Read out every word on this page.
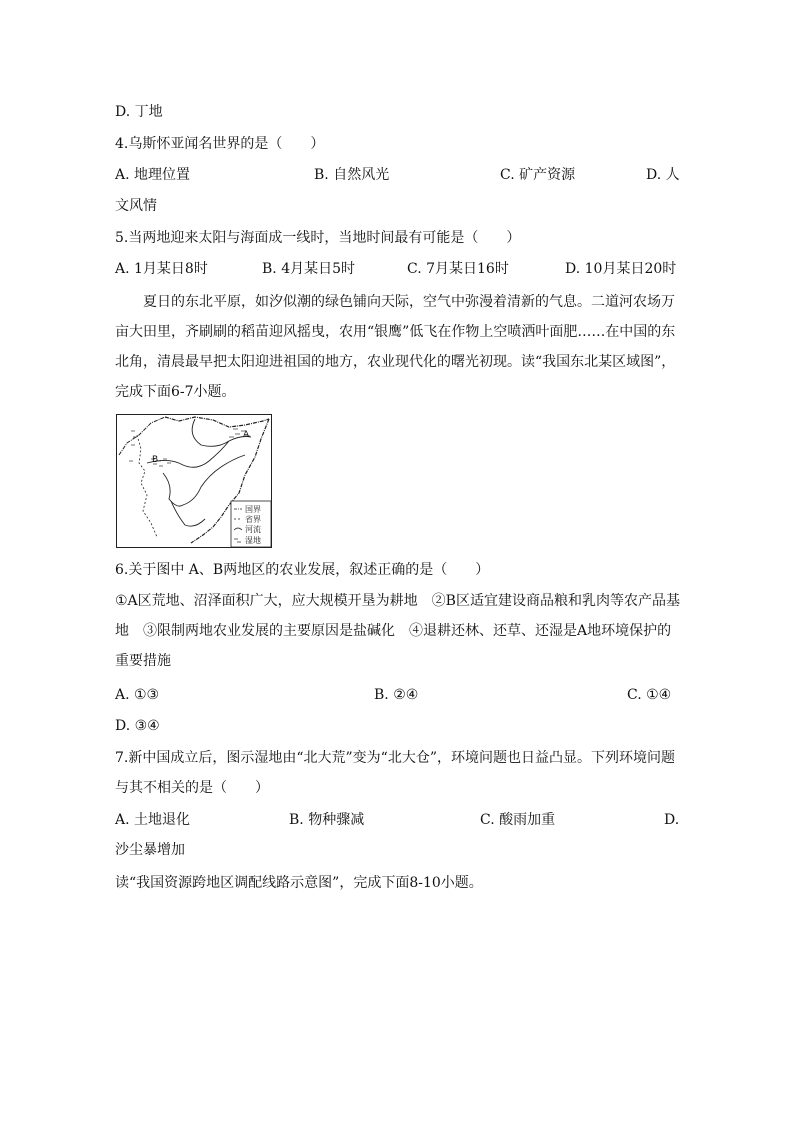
D. 丁地
4.乌斯怀亚闻名世界的是（　　）
A. 地理位置	B. 自然风光	C. 矿产资源	D. 人
文风情
5.当两地迎来太阳与海面成一线时，当地时间最有可能是（　　）
A. 1月某日8时	B. 4月某日5时	C. 7月某日16时	D. 10月某日20时
夏日的东北平原，如汐似潮的绿色铺向天际，空气中弥漫着清新的气息。二道河农场万亩大田里，齐刷刷的稻苗迎风摇曳，农用“银鹰”低飞在作物上空喷洒叶面肥……在中国的东北角，清晨最早把太阳迎进祖国的地方，农业现代化的曙光初现。读“我国东北某区域图”，完成下面6-7小题。
A
B
国界
省界
河流
湿地
6.关于图中 A、B两地区的农业发展，叙述正确的是（　　）
①A区荒地、沼泽面积广大，应大规模开垦为耕地　②B区适宜建设商品粮和乳肉等农产品基地　③限制两地农业发展的主要原因是盐碱化　④退耕还林、还草、还湿是A地环境保护的重要措施
A. ①③	B. ②④	C. ①④
D. ③④
7.新中国成立后，图示湿地由“北大荒”变为“北大仓”，环境问题也日益凸显。下列环境问题与其不相关的是（　　）
A. 土地退化	B. 物种骤减	C. 酸雨加重	D.
沙尘暴增加
读“我国资源跨地区调配线路示意图”，完成下面8-10小题。
